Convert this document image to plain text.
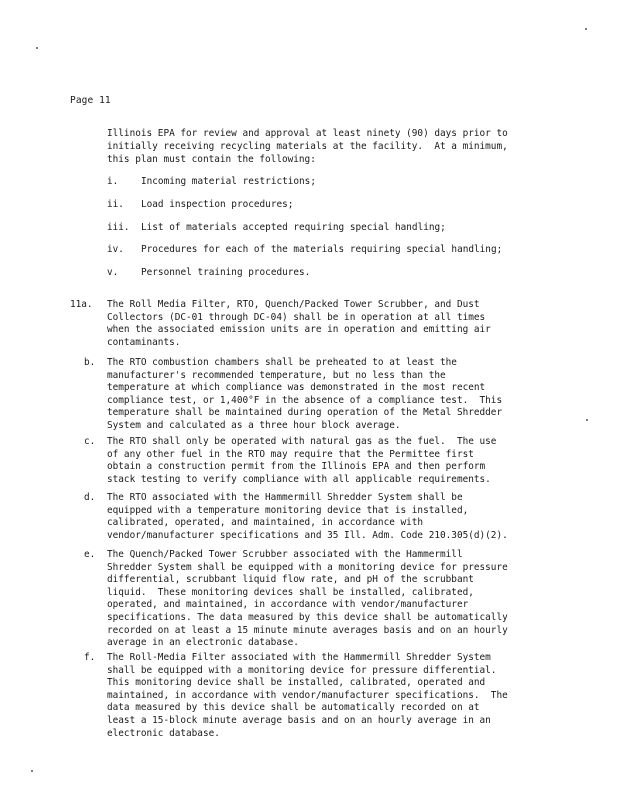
Page 11
Illinois EPA for review and approval at least ninety (90) days prior to
initially receiving recycling materials at the facility.  At a minimum,
this plan must contain the following:

i.

Incoming material restrictions;

ii.

Load inspection procedures;

iii.

List of materials accepted requiring special handling;

iv.

Procedures for each of the materials requiring special handling;

v.

Personnel training procedures.

11a. The Roll Media Filter, RTO, Quench/Packed Tower Scrubber, and Dust
Collectors (DC-01 through DC-04) shall be in operation at all times
when the associated emission units are in operation and emitting air
contaminants.
b. The RTO combustion chambers shall be preheated to at least the
manufacturer's recommended temperature, but no less than the
temperature at which compliance was demonstrated in the most recent
compliance test, or 1,400°F in the absence of a compliance test.  This
temperature shall be maintained during operation of the Metal Shredder
System and calculated as a three hour block average.
c. The RTO shall only be operated with natural gas as the fuel.  The use
of any other fuel in the RTO may require that the Permittee first
obtain a construction permit from the Illinois EPA and then perform
stack testing to verify compliance with all applicable requirements.
d. The RTO associated with the Hammermill Shredder System shall be
equipped with a temperature monitoring device that is installed,
calibrated, operated, and maintained, in accordance with
vendor/manufacturer specifications and 35 Ill. Adm. Code 210.305(d)(2).
e. The Quench/Packed Tower Scrubber associated with the Hammermill
Shredder System shall be equipped with a monitoring device for pressure
differential, scrubbant liquid flow rate, and pH of the scrubbant
liquid.  These monitoring devices shall be installed, calibrated,
operated, and maintained, in accordance with vendor/manufacturer
specifications. The data measured by this device shall be automatically
recorded on at least a 15 minute minute averages basis and on an hourly
average in an electronic database.
f. The Roll-Media Filter associated with the Hammermill Shredder System
shall be equipped with a monitoring device for pressure differential.
This monitoring device shall be installed, calibrated, operated and
maintained, in accordance with vendor/manufacturer specifications.  The
data measured by this device shall be automatically recorded on at
least a 15-block minute average basis and on an hourly average in an
electronic database.
